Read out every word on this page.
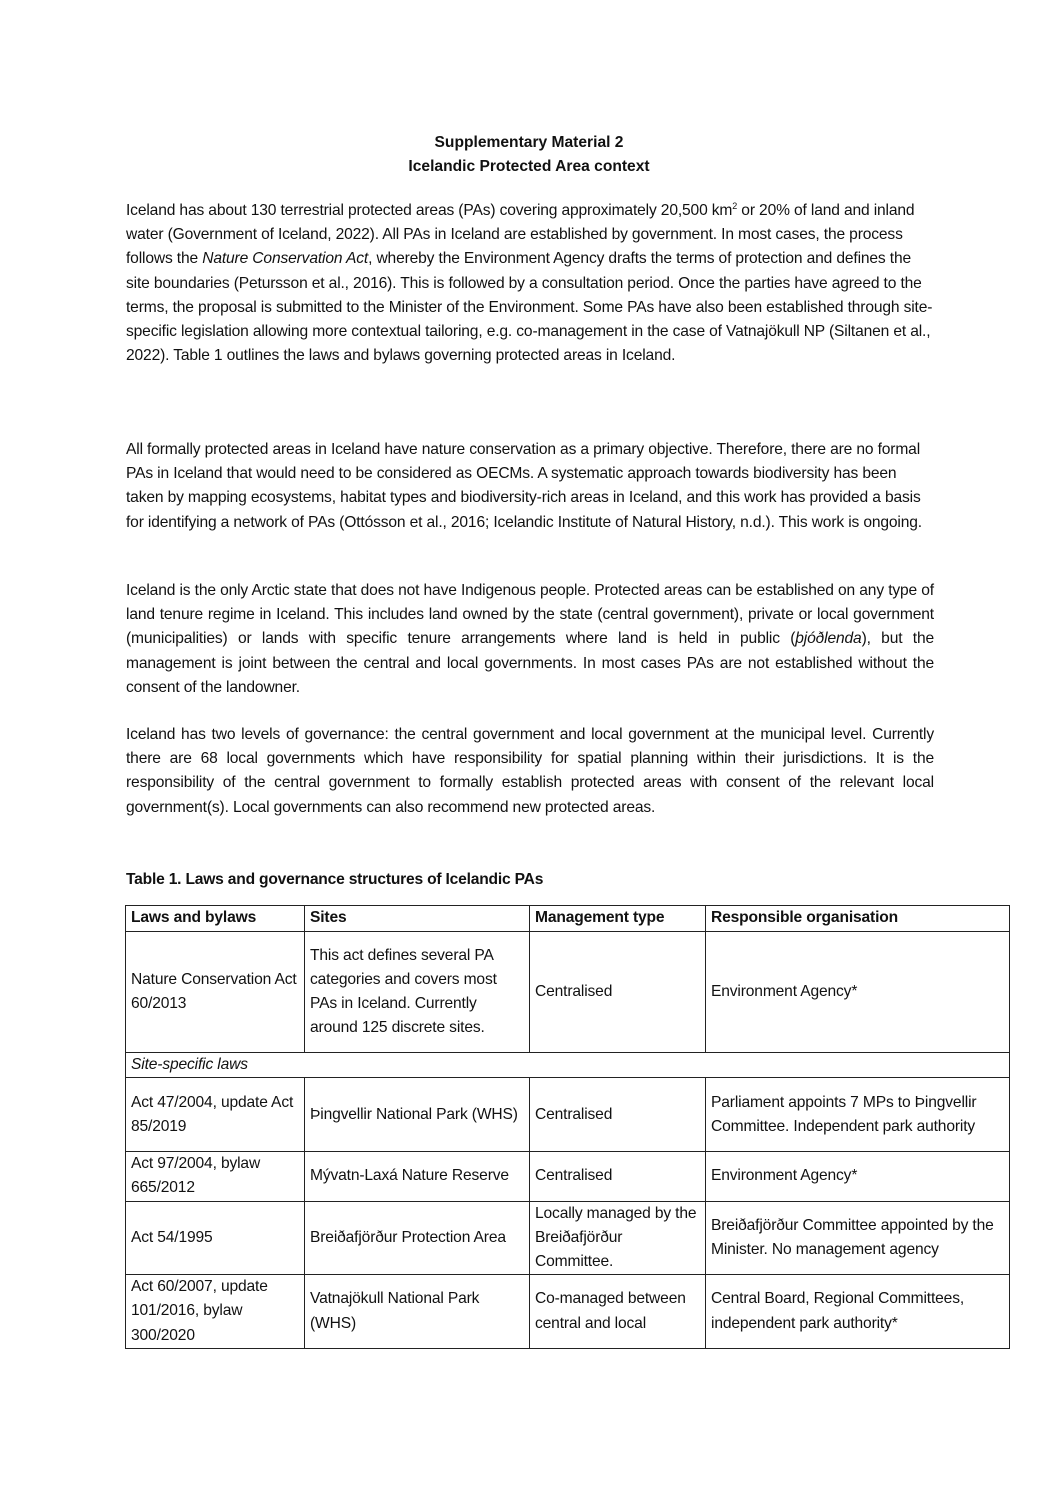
Supplementary Material 2
Icelandic Protected Area context

Iceland has about 130 terrestrial protected areas (PAs) covering approximately 20,500 $km^2$ or 20% of land and inland water (Government of Iceland, 2022). All PAs in Iceland are established by government. In most cases, the process follows the Nature Conservation Act, whereby the Environment Agency drafts the terms of protection and defines the site boundaries (Petursson et al., 2016). This is followed by a consultation period. Once the parties have agreed to the terms, the proposal is submitted to the Minister of the Environment. Some PAs have also been established through site-specific legislation allowing more contextual tailoring, e.g. co-management in the case of Vatnajökull NP (Siltanen et al., 2022). Table 1 outlines the laws and bylaws governing protected areas in Iceland.

All formally protected areas in Iceland have nature conservation as a primary objective. Therefore, there are no formal PAs in Iceland that would need to be considered as OECMs. A systematic approach towards biodiversity has been taken by mapping ecosystems, habitat types and biodiversity-rich areas in Iceland, and this work has provided a basis for identifying a network of PAs (Ottósson et al., 2016; Icelandic Institute of Natural History, n.d.). This work is ongoing.

Iceland is the only Arctic state that does not have Indigenous people. Protected areas can be established on any type of land tenure regime in Iceland. This includes land owned by the state (central government), private or local government (municipalities) or lands with specific tenure arrangements where land is held in public (þjóðlenda), but the management is joint between the central and local governments. In most cases PAs are not established without the consent of the landowner.

Iceland has two levels of governance: the central government and local government at the municipal level. Currently there are 68 local governments which have responsibility for spatial planning within their jurisdictions. It is the responsibility of the central government to formally establish protected areas with consent of the relevant local government(s). Local governments can also recommend new protected areas.

Table 1. Laws and governance structures of Icelandic PAs
Laws and bylaws	Sites	Management type	Responsible organisation
Nature Conservation Act 60/2013	This act defines several PA categories and covers most PAs in Iceland. Currently around 125 discrete sites.	Centralised	Environment Agency*
Site-specific laws			
Act 47/2004, update Act 85/2019	Þingvellir National Park (WHS)	Centralised	Parliament appoints 7 MPs to Þingvellir Committee. Independent park authority
Act 97/2004, bylaw 665/2012	Mývatn-Laxá Nature Reserve	Centralised	Environment Agency*
Act 54/1995	Breiðafjörður Protection Area	Locally managed by the Breiðafjörður Committee.	Breiðafjörður Committee appointed by the Minister. No management agency
Act 60/2007, update 101/2016, bylaw 300/2020	Vatnajökull National Park (WHS)	Co-managed between central and local	Central Board, Regional Committees, independent park authority*
